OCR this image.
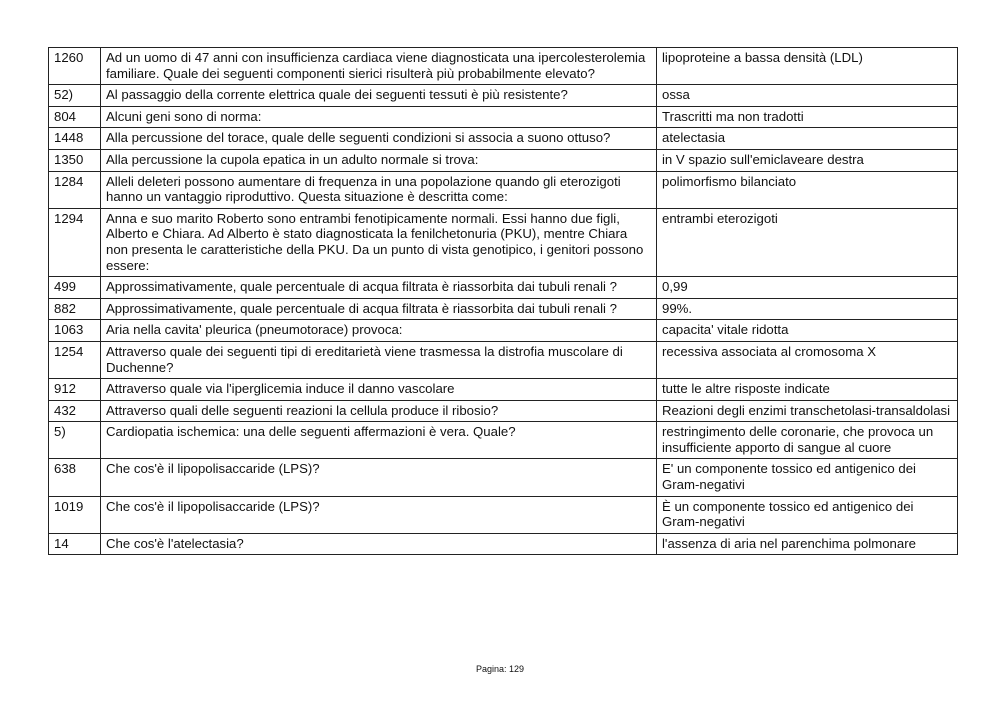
1260	Ad un uomo di 47 anni con insufficienza cardiaca viene diagnosticata una ipercolesterolemia familiare. Quale dei seguenti componenti sierici risulterà più probabilmente elevato?	lipoproteine a bassa densità (LDL)
52)	Al passaggio della corrente elettrica quale dei seguenti tessuti è più resistente?	ossa
804	Alcuni geni sono di norma:	Trascritti ma non tradotti
1448	Alla percussione del torace, quale delle seguenti condizioni si associa a suono ottuso?	atelectasia
1350	Alla percussione la cupola epatica in un adulto normale si trova:	in V spazio sull'emiclaveare destra
1284	Alleli deleteri possono aumentare di frequenza in una popolazione quando gli eterozigoti hanno un vantaggio riproduttivo. Questa situazione è descritta come:	polimorfismo bilanciato
1294	Anna e suo marito Roberto sono entrambi fenotipicamente normali. Essi hanno due figli, Alberto e Chiara. Ad Alberto è stato diagnosticata la fenilchetonuria (PKU), mentre Chiara non presenta le caratteristiche della PKU. Da un punto di vista genotipico, i genitori possono essere:	entrambi eterozigoti
499	Approssimativamente, quale percentuale di acqua filtrata è riassorbita dai tubuli renali ?	0,99
882	Approssimativamente, quale percentuale di acqua filtrata è riassorbita dai tubuli renali ?	99%.
1063	Aria nella cavita' pleurica (pneumotorace) provoca:	capacita' vitale ridotta
1254	Attraverso quale dei seguenti tipi di ereditarietà viene trasmessa la distrofia muscolare di Duchenne?	recessiva associata al cromosoma X
912	Attraverso quale via l'iperglicemia induce il danno vascolare	tutte le altre risposte indicate
432	Attraverso quali delle seguenti reazioni la cellula produce il ribosio?	Reazioni degli enzimi transchetolasi-transaldolasi
5)	Cardiopatia ischemica: una delle seguenti affermazioni è vera. Quale?	restringimento delle coronarie, che provoca un insufficiente apporto di sangue al cuore
638	Che cos'è il lipopolisaccaride (LPS)?	E' un componente tossico ed antigenico dei Gram-negativi
1019	Che cos'è il lipopolisaccaride (LPS)?	È un componente tossico ed antigenico dei Gram-negativi
14	Che cos'è l'atelectasia?	l'assenza di aria nel parenchima polmonare
Pagina: 129
